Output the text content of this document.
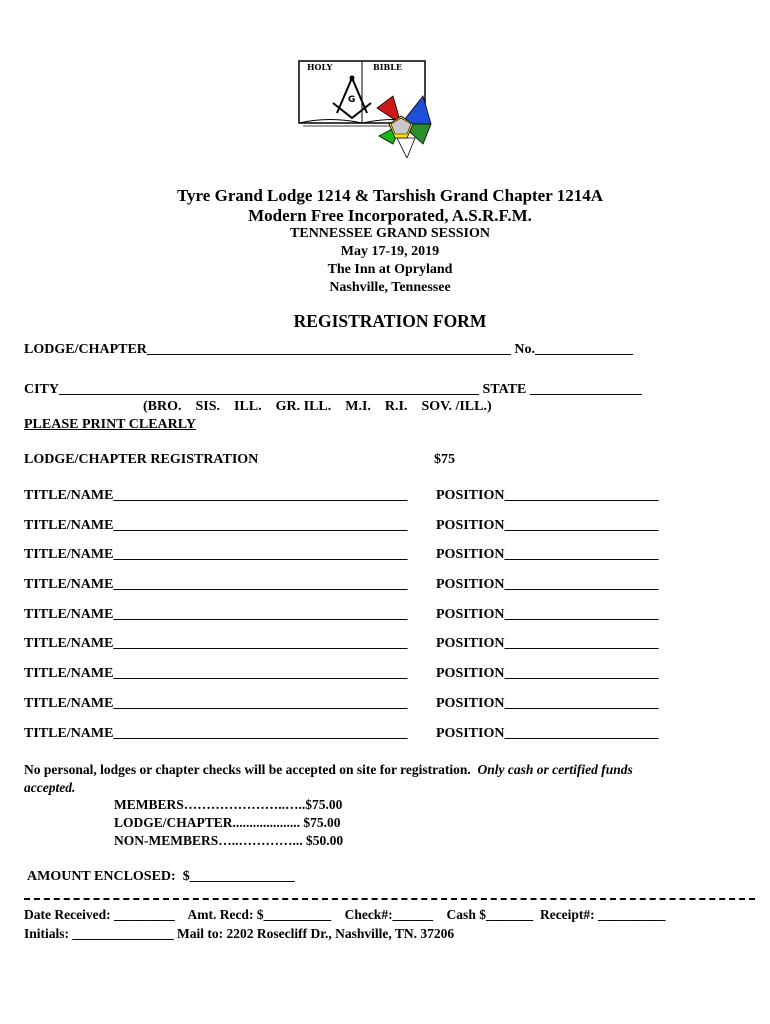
HOLY	BIBLE
G
Tyre Grand Lodge 1214 & Tarshish Grand Chapter 1214A
Modern Free Incorporated, A.S.R.F.M.
TENNESSEE GRAND SESSION
May 17-19, 2019
The Inn at Opryland
Nashville, Tennessee
REGISTRATION FORM
LODGE/CHAPTER____________________________________________________ No.______________
CITY____________________________________________________________ STATE ________________
(BRO.    SIS.    ILL.    GR. ILL.    M.I.    R.I.    SOV. /ILL.)
PLEASE PRINT CLEARLY
LODGE/CHAPTER REGISTRATION	$75
TITLE/NAME__________________________________________ POSITION______________________
TITLE/NAME__________________________________________ POSITION______________________
TITLE/NAME__________________________________________ POSITION______________________
TITLE/NAME__________________________________________ POSITION______________________
TITLE/NAME__________________________________________ POSITION______________________
TITLE/NAME__________________________________________ POSITION______________________
TITLE/NAME__________________________________________ POSITION______________________
TITLE/NAME__________________________________________ POSITION______________________
TITLE/NAME__________________________________________ POSITION______________________
No personal, lodges or chapter checks will be accepted on site for registration. Only cash or certified funds
accepted.
MEMBERS…………………..…..$75.00
LODGE/CHAPTER.................... $75.00
NON-MEMBERS…..…………... $50.00
AMOUNT ENCLOSED:  $_______________
Date Received: _________    Amt. Recd: $__________    Check#:______    Cash $_______  Receipt#: __________
Initials: _______________ Mail to: 2202 Rosecliff Dr., Nashville, TN. 37206
